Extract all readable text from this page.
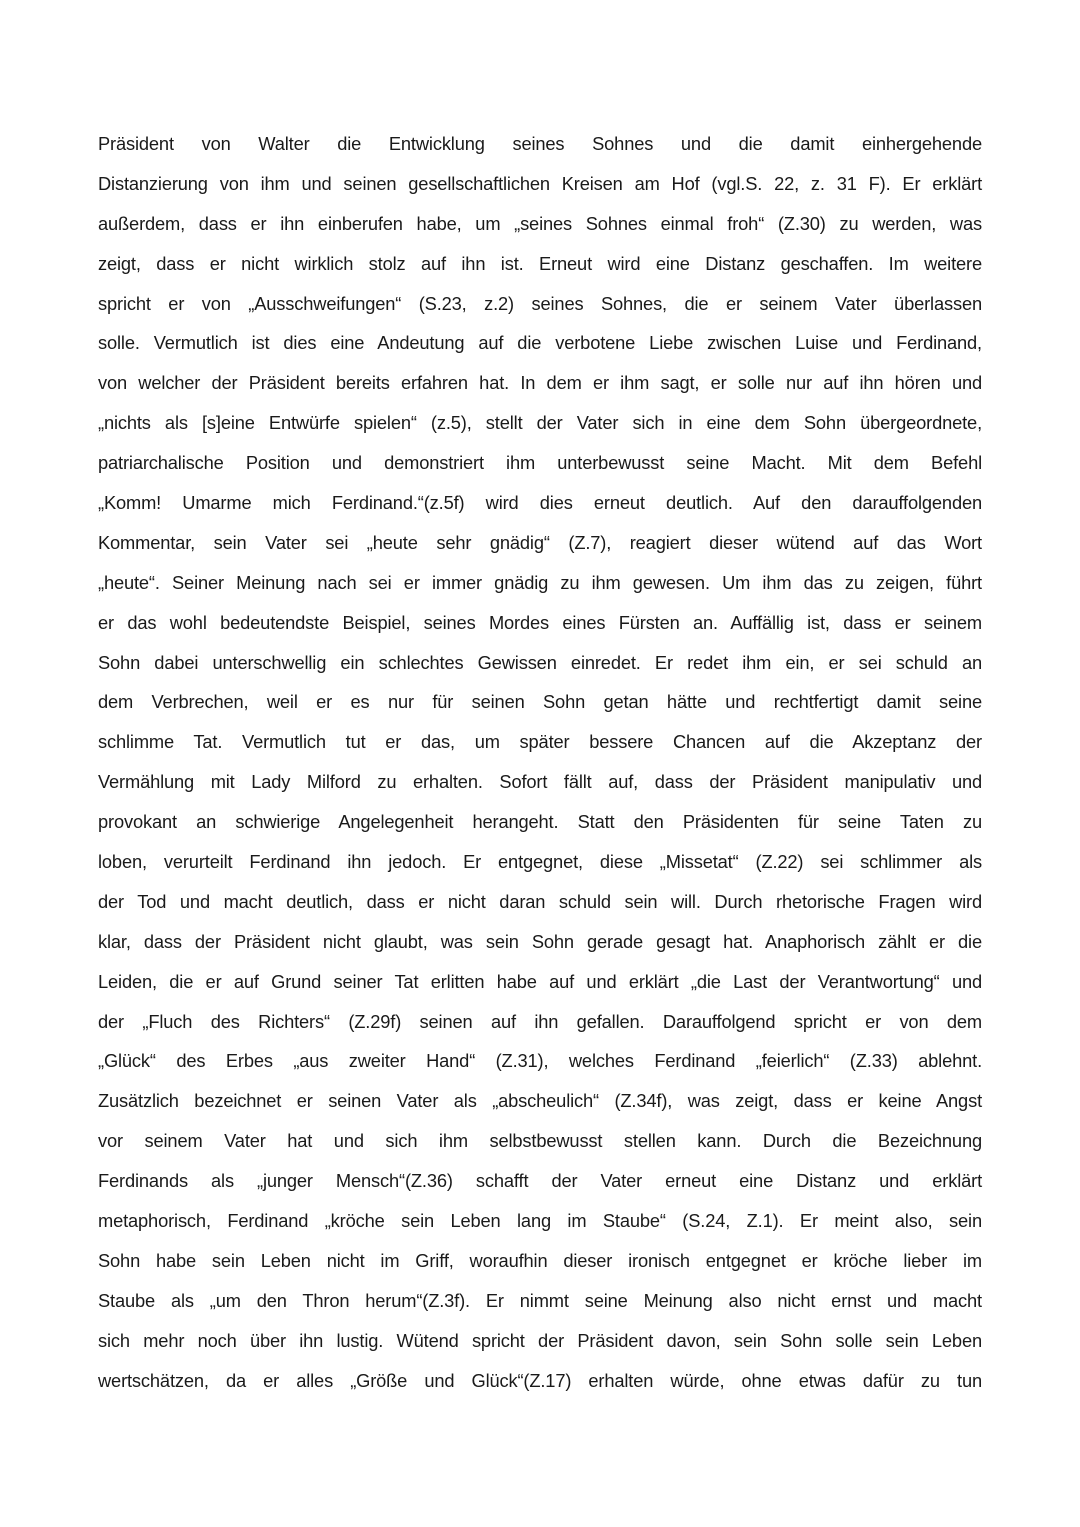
Präsident von Walter die Entwicklung seines Sohnes und die damit einhergehende
Distanzierung von ihm und seinen gesellschaftlichen Kreisen am Hof (vgl.S. 22, z. 31 F). Er erklärt
außerdem, dass er ihn einberufen habe, um „seines Sohnes einmal froh“ (Z.30) zu werden, was
zeigt, dass er nicht wirklich stolz auf ihn ist. Erneut wird eine Distanz geschaffen. Im weitere
spricht er von „Ausschweifungen“ (S.23, z.2) seines Sohnes, die er seinem Vater überlassen
solle. Vermutlich ist dies eine Andeutung auf die verbotene Liebe zwischen Luise und Ferdinand,
von welcher der Präsident bereits erfahren hat. In dem er ihm sagt, er solle nur auf ihn hören und
„nichts als [s]eine Entwürfe spielen“ (z.5), stellt der Vater sich in eine dem Sohn übergeordnete,
patriarchalische Position und demonstriert ihm unterbewusst seine Macht. Mit dem Befehl
„Komm! Umarme mich Ferdinand.“(z.5f) wird dies erneut deutlich. Auf den darauffolgenden
Kommentar, sein Vater sei „heute sehr gnädig“ (Z.7), reagiert dieser wütend auf das Wort
„heute“. Seiner Meinung nach sei er immer gnädig zu ihm gewesen. Um ihm das zu zeigen, führt
er das wohl bedeutendste Beispiel, seines Mordes eines Fürsten an. Auffällig ist, dass er seinem
Sohn dabei unterschwellig ein schlechtes Gewissen einredet. Er redet ihm ein, er sei schuld an
dem Verbrechen, weil er es nur für seinen Sohn getan hätte und rechtfertigt damit seine
schlimme Tat. Vermutlich tut er das, um später bessere Chancen auf die Akzeptanz der
Vermählung mit Lady Milford zu erhalten. Sofort fällt auf, dass der Präsident manipulativ und
provokant an schwierige Angelegenheit herangeht. Statt den Präsidenten für seine Taten zu
loben, verurteilt Ferdinand ihn jedoch. Er entgegnet, diese „Missetat“ (Z.22) sei schlimmer als
der Tod und macht deutlich, dass er nicht daran schuld sein will. Durch rhetorische Fragen wird
klar, dass der Präsident nicht glaubt, was sein Sohn gerade gesagt hat. Anaphorisch zählt er die
Leiden, die er auf Grund seiner Tat erlitten habe auf und erklärt „die Last der Verantwortung“ und
der „Fluch des Richters“ (Z.29f) seinen auf ihn gefallen. Darauffolgend spricht er von dem
„Glück“ des Erbes „aus zweiter Hand“ (Z.31), welches Ferdinand „feierlich“ (Z.33) ablehnt.
Zusätzlich bezeichnet er seinen Vater als „abscheulich“ (Z.34f), was zeigt, dass er keine Angst
vor seinem Vater hat und sich ihm selbstbewusst stellen kann. Durch die Bezeichnung
Ferdinands als „junger Mensch“(Z.36) schafft der Vater erneut eine Distanz und erklärt
metaphorisch, Ferdinand „kröche sein Leben lang im Staube“ (S.24, Z.1). Er meint also, sein
Sohn habe sein Leben nicht im Griff, woraufhin dieser ironisch entgegnet er kröche lieber im
Staube als „um den Thron herum“(Z.3f). Er nimmt seine Meinung also nicht ernst und macht
sich mehr noch über ihn lustig. Wütend spricht der Präsident davon, sein Sohn solle sein Leben
wertschätzen, da er alles „Größe und Glück“(Z.17) erhalten würde, ohne etwas dafür zu tun
